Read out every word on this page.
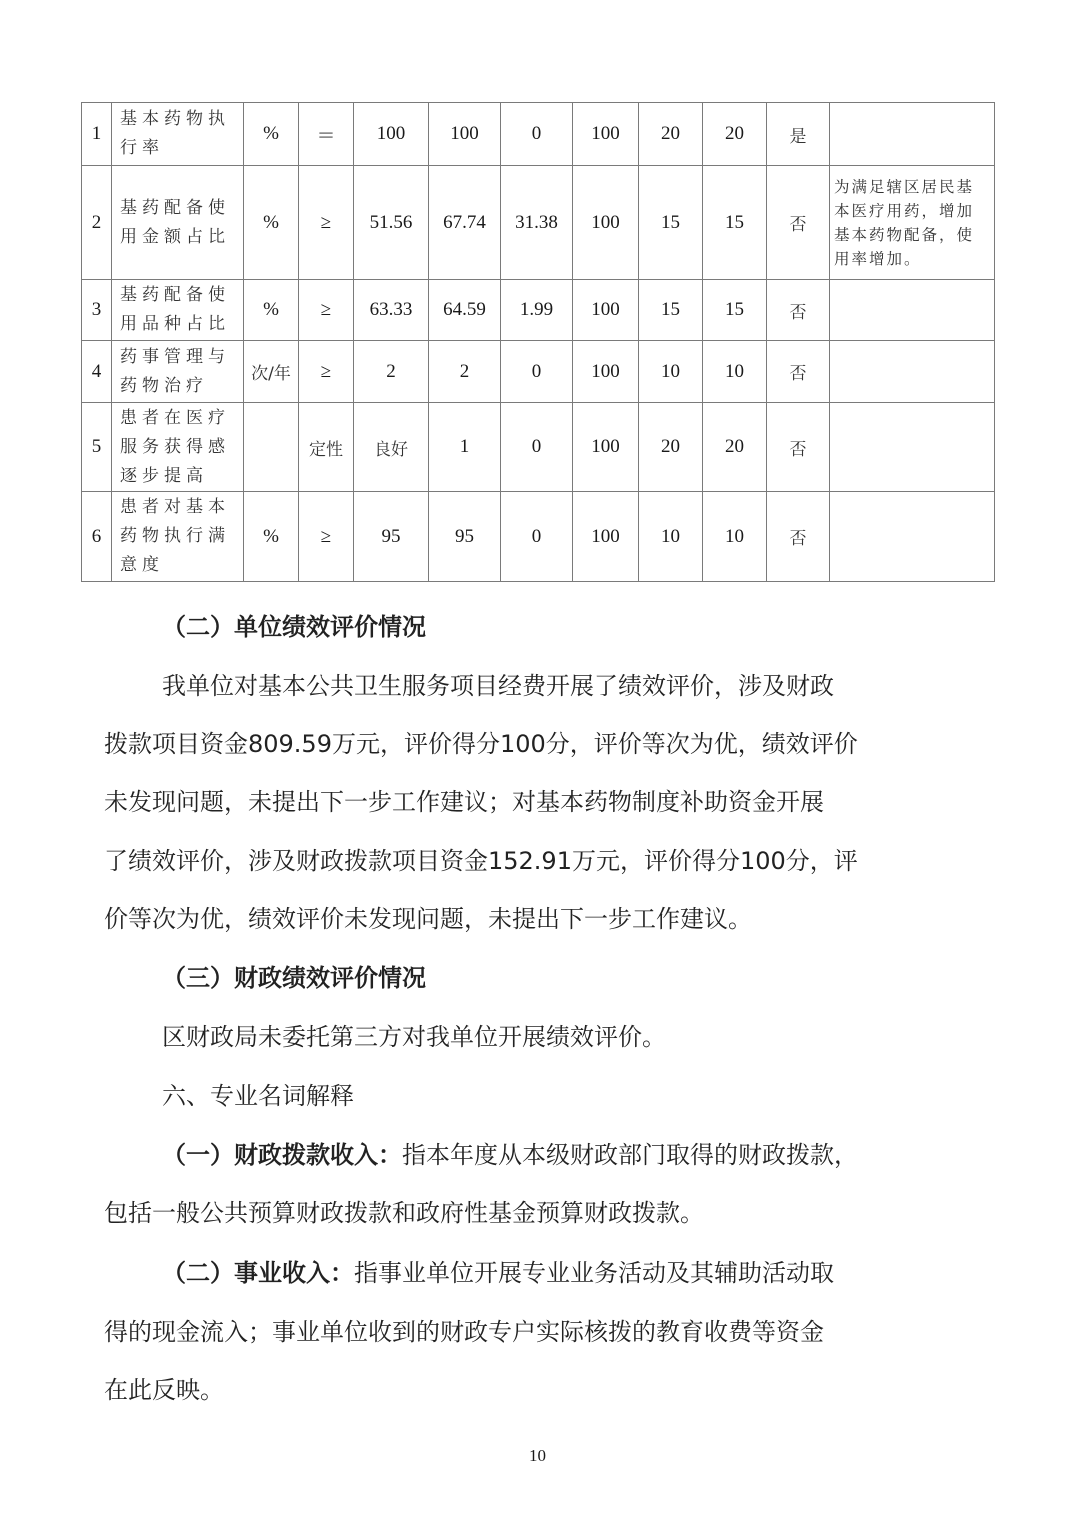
1	基本药物执行率	%	＝	100	100	0	100	20	20	是	
2	基药配备使用金额占比	%	≥	51.56	67.74	31.38	100	15	15	否	为满足辖区居民基本医疗用药，增加基本药物配备，使用率增加。
3	基药配备使用品种占比	%	≥	63.33	64.59	1.99	100	15	15	否	
4	药事管理与药物治疗	次/年	≥	2	2	0	100	10	10	否	
5	患者在医疗服务获得感逐步提高		定性	良好	1	0	100	20	20	否	
6	患者对基本药物执行满意度	%	≥	95	95	0	100	10	10	否	
（二）单位绩效评价情况
我单位对基本公共卫生服务项目经费开展了绩效评价，涉及财政
拨款项目资金809.59万元，评价得分100分，评价等次为优，绩效评价
未发现问题，未提出下一步工作建议；对基本药物制度补助资金开展
了绩效评价，涉及财政拨款项目资金152.91万元，评价得分100分，评
价等次为优，绩效评价未发现问题，未提出下一步工作建议。
（三）财政绩效评价情况
区财政局未委托第三方对我单位开展绩效评价。
六、专业名词解释
（一）财政拨款收入：指本年度从本级财政部门取得的财政拨款，
包括一般公共预算财政拨款和政府性基金预算财政拨款。
（二）事业收入：指事业单位开展专业业务活动及其辅助活动取
得的现金流入；事业单位收到的财政专户实际核拨的教育收费等资金
在此反映。
10
